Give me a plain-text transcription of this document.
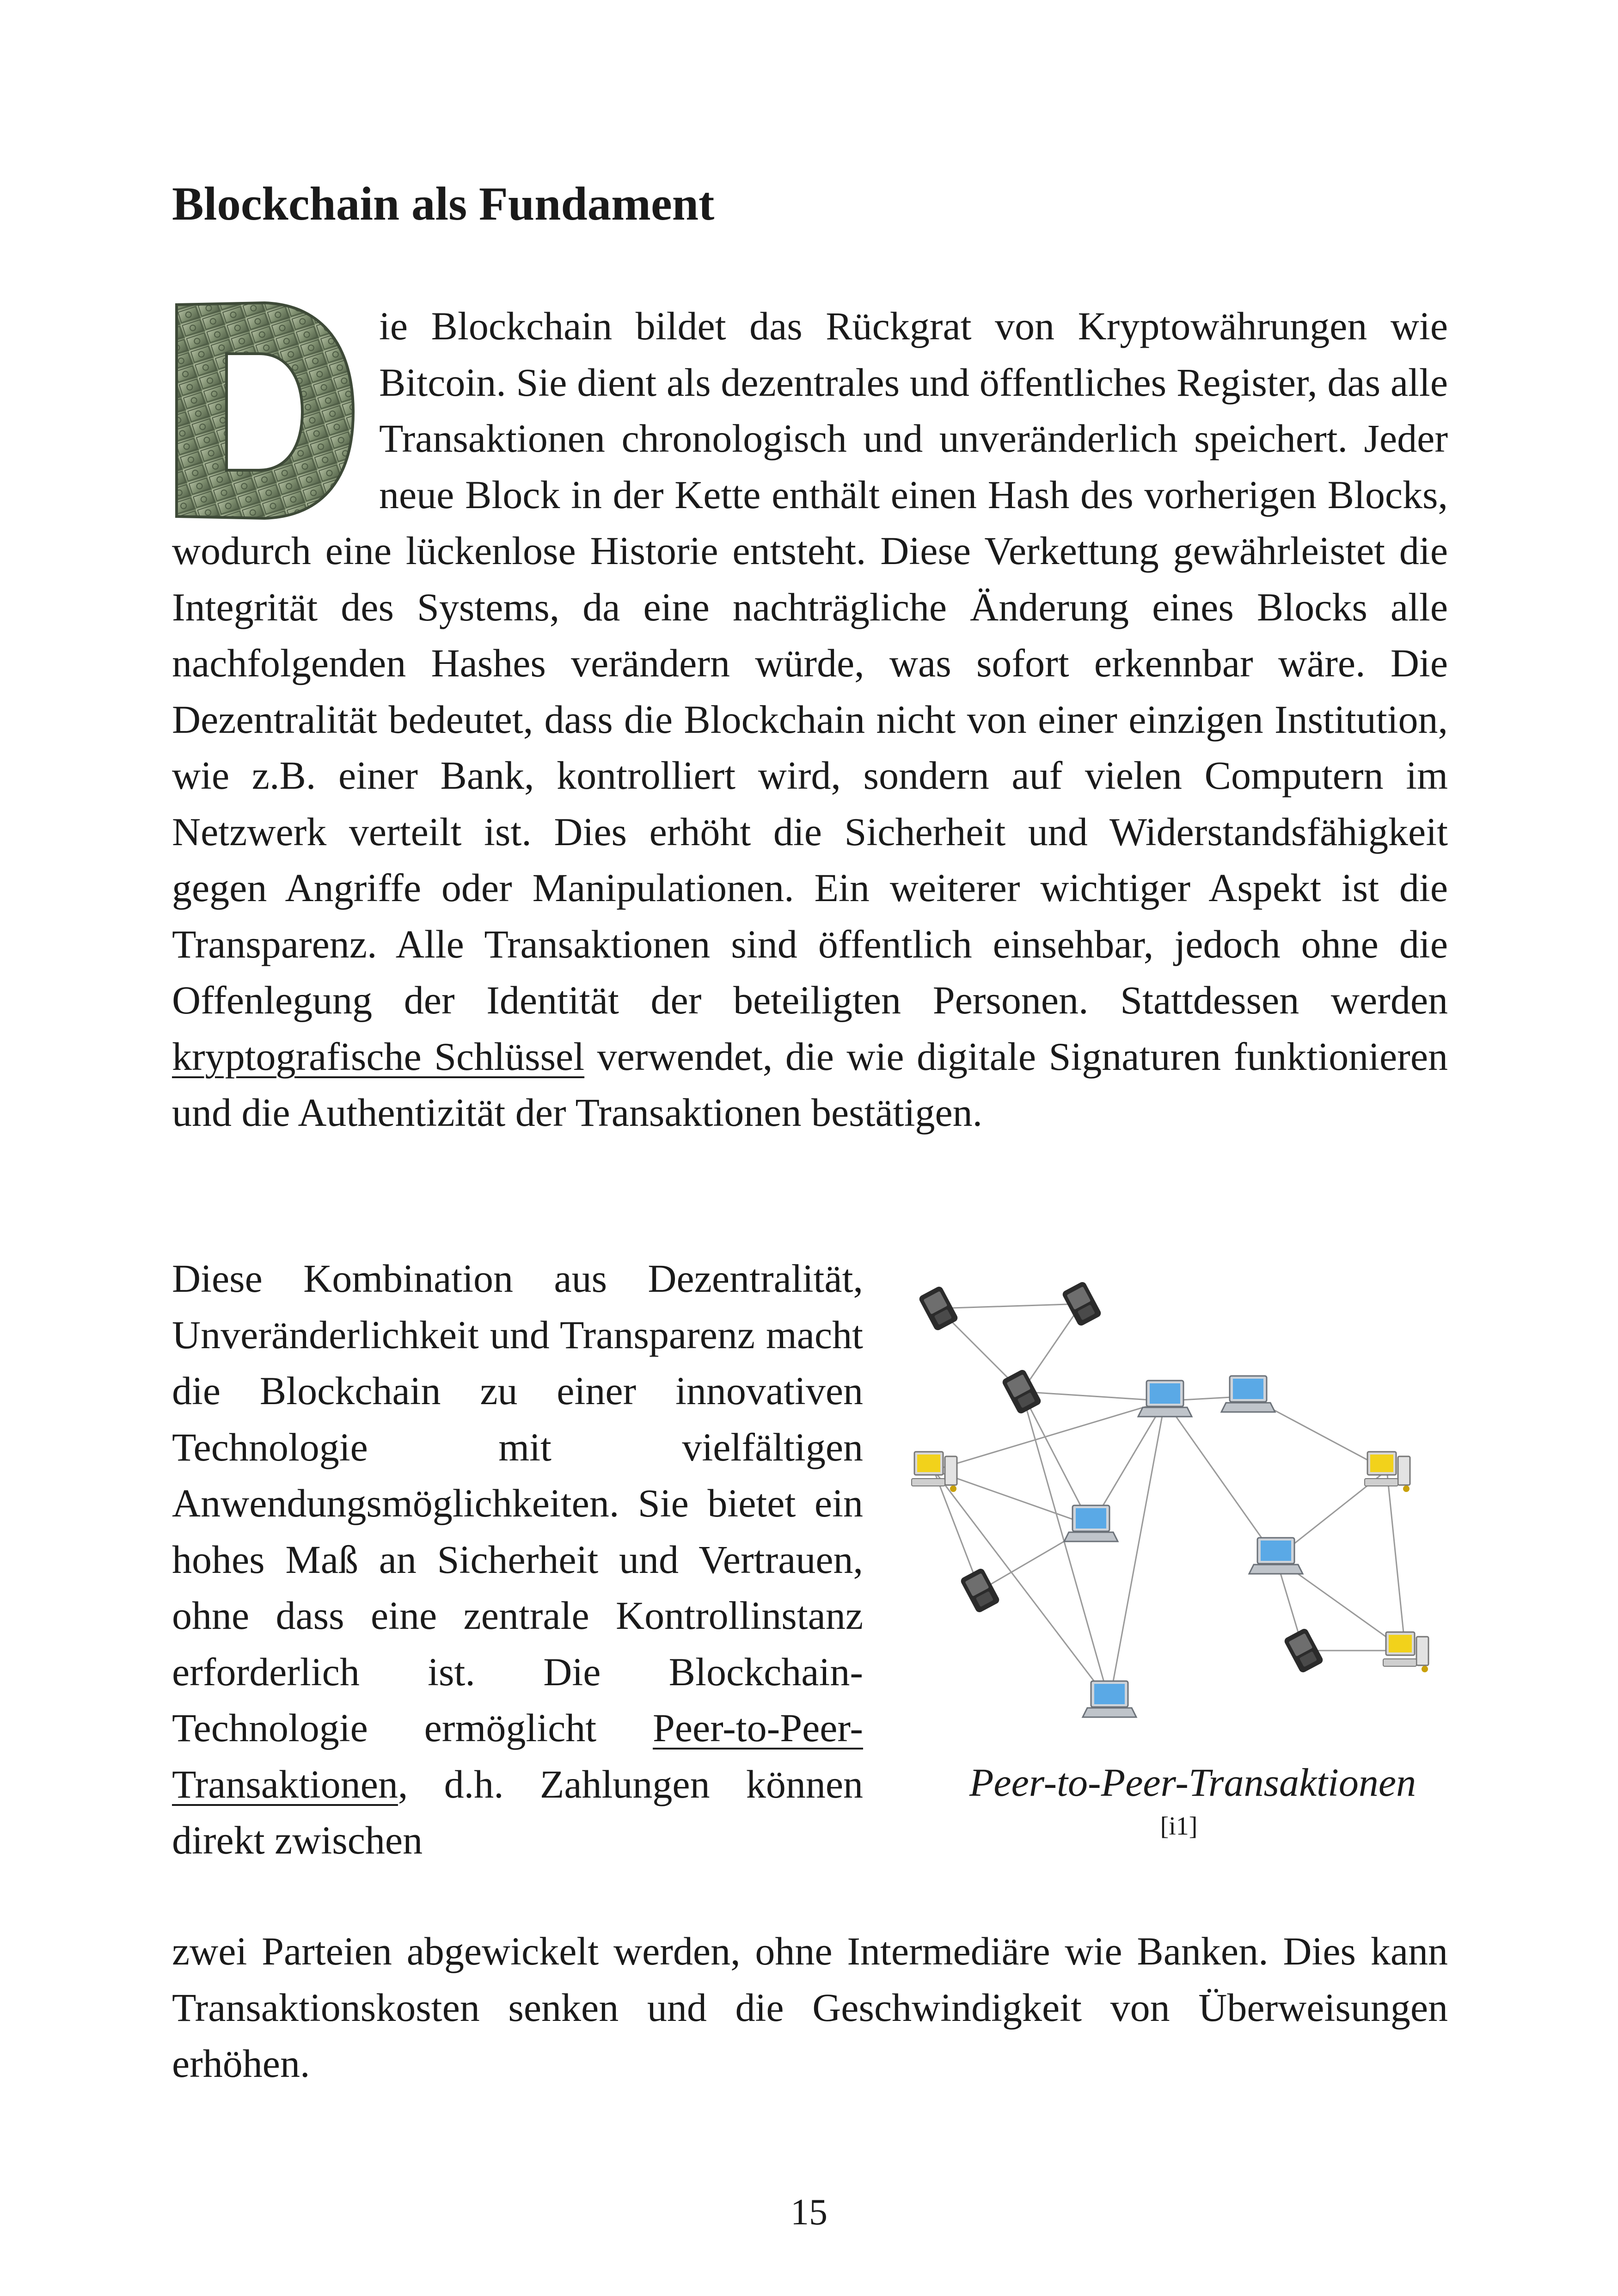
Blockchain als Fundament
ie Blockchain bildet das Rückgrat von Kryptowährungen wie Bitcoin. Sie dient als dezentrales und öffentliches Register, das alle Transaktionen chronologisch und unveränderlich speichert. Jeder neue Block in der Kette enthält einen Hash des vorherigen Blocks, wodurch eine lückenlose Historie entsteht. Diese Verkettung gewährleistet die Integrität des Systems, da eine nachträgliche Änderung eines Blocks alle nachfolgenden Hashes verändern würde, was sofort erkennbar wäre. Die Dezentralität bedeutet, dass die Blockchain nicht von einer einzigen Institution, wie z.B. einer Bank, kontrolliert wird, sondern auf vielen Computern im Netzwerk verteilt ist. Dies erhöht die Sicherheit und Widerstandsfähigkeit gegen Angriffe oder Manipulationen. Ein weiterer wichtiger Aspekt ist die Transparenz. Alle Transaktionen sind öffentlich einsehbar, jedoch ohne die Offenlegung der Identität der beteiligten Personen. Stattdessen werden kryptografische Schlüssel verwendet, die wie digitale Signaturen funktionieren und die Authentizität der Transaktionen bestätigen.
Diese Kombination aus Dezentralität, Unveränderlichkeit und Transparenz macht die Blockchain zu einer innovativen Technologie mit vielfältigen Anwendungsmöglichkeiten. Sie bietet ein hohes Maß an Sicherheit und Vertrauen, ohne dass eine zentrale Kontrollinstanz erforderlich ist. Die Blockchain-Technologie ermöglicht Peer-to-Peer-Transaktionen, d.h. Zahlungen können direkt zwischen

Peer-to-Peer-Transaktionen

[i1]

zwei Parteien abgewickelt werden, ohne Intermediäre wie Banken. Dies kann Transaktionskosten senken und die Geschwindigkeit von Überweisungen erhöhen.

15
